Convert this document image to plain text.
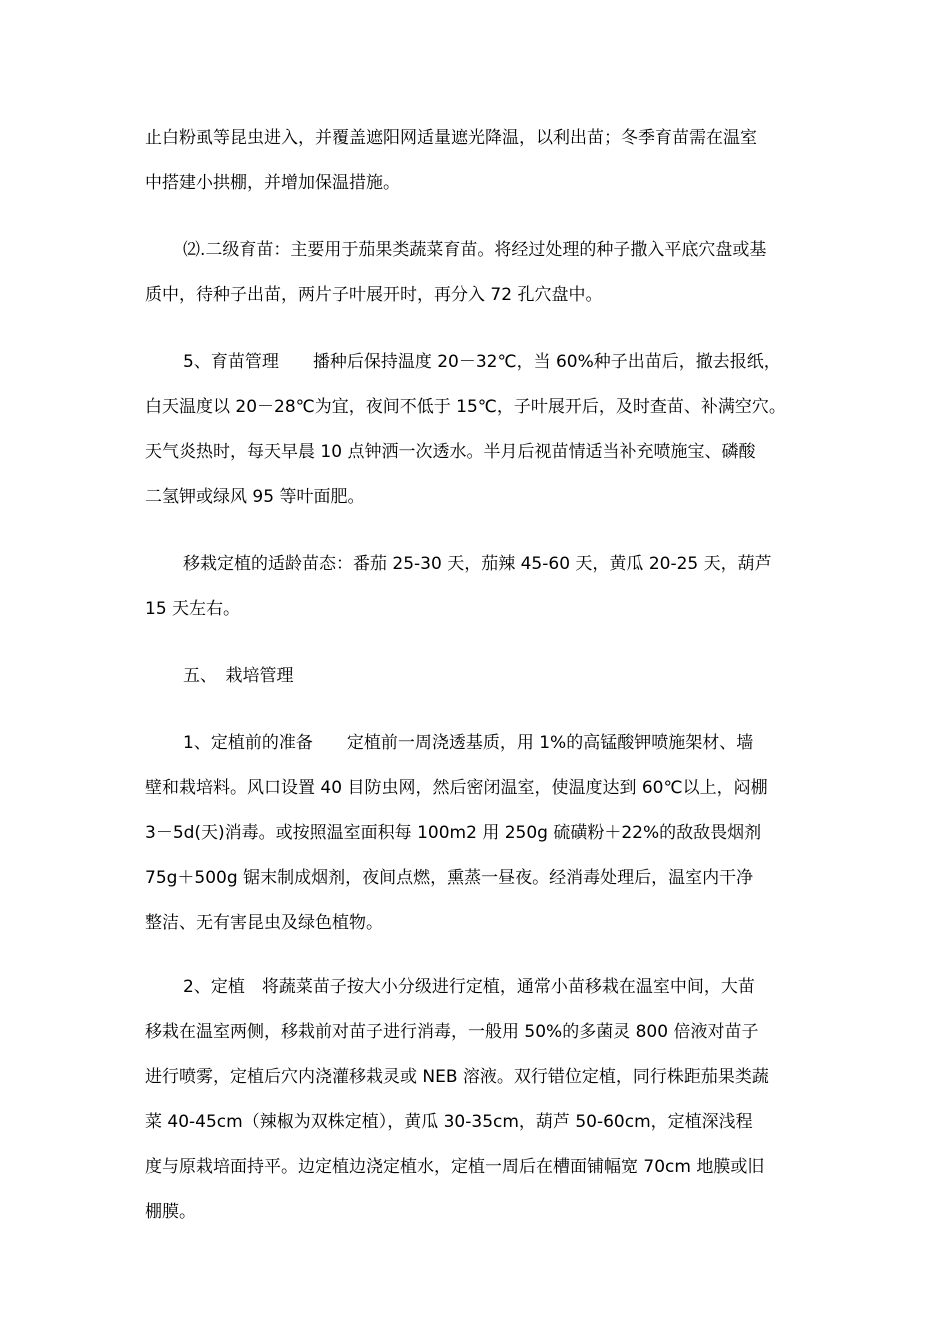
止白粉虱等昆虫进入，并覆盖遮阳网适量遮光降温，以利出苗；冬季育苗需在温室
中搭建小拱棚，并增加保温措施。
⑵.二级育苗：主要用于茄果类蔬菜育苗。将经过处理的种子撒入平底穴盘或基
质中，待种子出苗，两片子叶展开时，再分入 72 孔穴盘中。
5、育苗管理　　播种后保持温度 20－32℃，当 60%种子出苗后，撤去报纸，
白天温度以 20－28℃为宜，夜间不低于 15℃，子叶展开后，及时查苗、补满空穴。
天气炎热时，每天早晨 10 点钟洒一次透水。半月后视苗情适当补充喷施宝、磷酸
二氢钾或绿风 95 等叶面肥。
移栽定植的适龄苗态：番茄 25-30 天，茄辣 45-60 天，黄瓜 20-25 天，葫芦
15 天左右。
五、　栽培管理
1、定植前的准备　　定植前一周浇透基质，用 1%的高锰酸钾喷施架材、墙
壁和栽培料。风口设置 40 目防虫网，然后密闭温室，使温度达到 60℃以上，闷棚
3－5d(天)消毒。或按照温室面积每 100m2 用 250g 硫磺粉＋22%的敌敌畏烟剂
75g＋500g 锯末制成烟剂，夜间点燃，熏蒸一昼夜。经消毒处理后，温室内干净
整洁、无有害昆虫及绿色植物。
2、定植　将蔬菜苗子按大小分级进行定植，通常小苗移栽在温室中间，大苗
移栽在温室两侧，移栽前对苗子进行消毒，一般用 50%的多菌灵 800 倍液对苗子
进行喷雾，定植后穴内浇灌移栽灵或 NEB 溶液。双行错位定植，同行株距茄果类蔬
菜 40-45cm（辣椒为双株定植），黄瓜 30-35cm，葫芦 50-60cm，定植深浅程
度与原栽培面持平。边定植边浇定植水，定植一周后在槽面铺幅宽 70cm 地膜或旧
棚膜。
